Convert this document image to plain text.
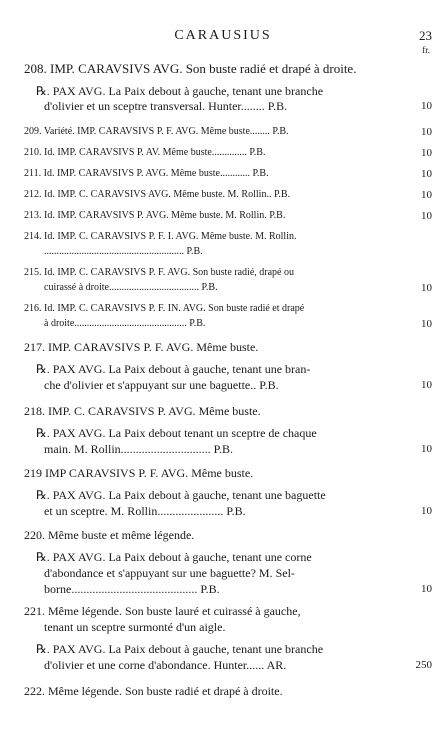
CARAUSIUS	23
fr.
208. IMP. CARAVSIVS AVG. Son buste radié et drapé à droite.
℞. PAX AVG. La Paix debout à gauche, tenant une branche
d'olivier et un sceptre transversal. Hunter........ P.B.	10
209. Variété. IMP. CARAVSIVS P. F. AVG. Même buste........ P.B.	10
210. Id. IMP. CARAVSIVS P. AV. Même buste.............. P.B.	10
211. Id. IMP. CARAVSIVS P. AVG. Même buste............ P.B.	10
212. Id. IMP. C. CARAVSIVS AVG. Même buste. M. Rollin.. P.B.	10
213. Id. IMP. CARAVSIVS P. AVG. Même buste. M. Rollin. P.B.	10
214. Id. IMP. C. CARAVSIVS P. F. I. AVG. Même buste. M. Rollin.
........................................................ P.B.
215. Id. IMP. C. CARAVSIVS P. F. AVG. Son buste radié, drapé ou
cuirassé à droite.................................... P.B.	10
216. Id. IMP. C. CARAVSIVS P. F. IN. AVG. Son buste radié et drapé
à droite............................................. P.B.	10
217. IMP. CARAVSIVS P. F. AVG. Même buste.
℞. PAX AVG. La Paix debout à gauche, tenant une bran-
che d'olivier et s'appuyant sur une baguette.. P.B.	10
218. IMP. C. CARAVSIVS P. AVG. Même buste.
℞. PAX AVG. La Paix debout tenant un sceptre de chaque
main. M. Rollin.............................. P.B.	10
219 IMP CARAVSIVS P. F. AVG. Même buste.
℞. PAX AVG. La Paix debout à gauche, tenant une baguette
et un sceptre. M. Rollin...................... P.B.	10
220. Même buste et même légende.
℞. PAX AVG. La Paix debout à gauche, tenant une corne
d'abondance et s'appuyant sur une baguette? M. Sel-
borne.......................................... P.B.	10
221. Même légende. Son buste lauré et cuirassé à gauche,
tenant un sceptre surmonté d'un aigle.
℞. PAX AVG. La Paix debout à gauche, tenant une branche
d'olivier et une corne d'abondance. Hunter...... AR.	250
222. Même légende. Son buste radié et drapé à droite.
